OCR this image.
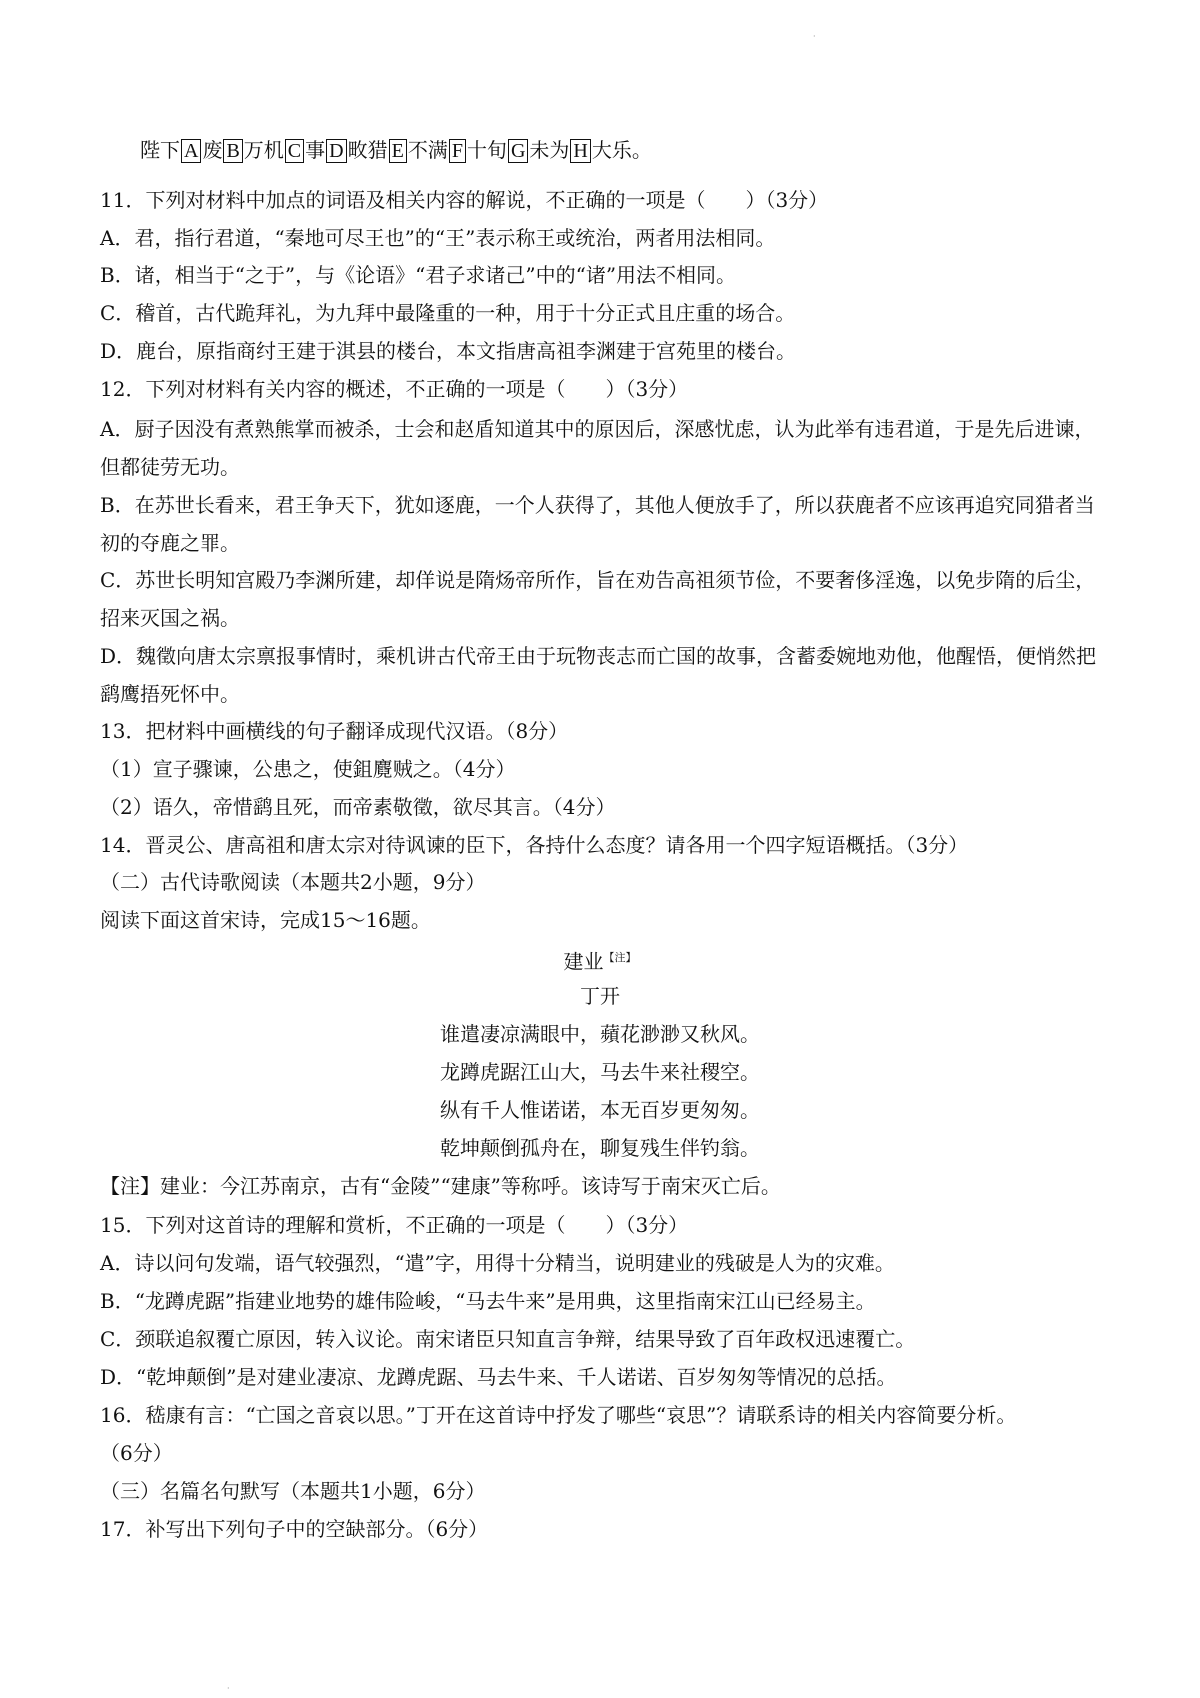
陛下 A 废 B 万机 C 事 D 畋猎 E 不满 F 十旬 G 未为 H 大乐。
11．下列对材料中加点的词语及相关内容的解说，不正确的一项是（　　）（3分）
A．君，指行君道，“秦地可尽王也”的“王”表示称王或统治，两者用法相同。
B．诸，相当于“之于”，与《论语》“君子求诸己”中的“诸”用法不相同。
C．稽首，古代跪拜礼，为九拜中最隆重的一种，用于十分正式且庄重的场合。
D．鹿台，原指商纣王建于淇县的楼台，本文指唐高祖李渊建于宫苑里的楼台。
12．下列对材料有关内容的概述，不正确的一项是（　　）（3分）
A．厨子因没有煮熟熊掌而被杀，士会和赵盾知道其中的原因后，深感忧虑，认为此举有违君道，于是先后进谏，但都徒劳无功。
B．在苏世长看来，君王争天下，犹如逐鹿，一个人获得了，其他人便放手了，所以获鹿者不应该再追究同猎者当初的夺鹿之罪。
C．苏世长明知宫殿乃李渊所建，却佯说是隋炀帝所作，旨在劝告高祖须节俭，不要奢侈淫逸，以免步隋的后尘，招来灭国之祸。
D．魏徵向唐太宗禀报事情时，乘机讲古代帝王由于玩物丧志而亡国的故事，含蓄委婉地劝他，他醒悟，便悄然把鹞鹰捂死怀中。
13．把材料中画横线的句子翻译成现代汉语。（8分）
（1）宣子骤谏，公患之，使鉏麑贼之。（4分）
（2）语久，帝惜鹞且死，而帝素敬徵，欲尽其言。（4分）
14．晋灵公、唐高祖和唐太宗对待讽谏的臣下，各持什么态度？请各用一个四字短语概括。（3分）
（二）古代诗歌阅读（本题共2小题，9分）
阅读下面这首宋诗，完成15～16题。
建业$^{【注】}$
丁开
谁遣凄凉满眼中，蘋花渺渺又秋风。
龙蹲虎踞江山大，马去牛来社稷空。
纵有千人惟诺诺，本无百岁更匆匆。
乾坤颠倒孤舟在，聊复残生伴钓翁。
【注】建业：今江苏南京，古有“金陵”“建康”等称呼。该诗写于南宋灭亡后。
15．下列对这首诗的理解和赏析，不正确的一项是（　　）（3分）
A．诗以问句发端，语气较强烈，“遣”字，用得十分精当，说明建业的残破是人为的灾难。
B．“龙蹲虎踞”指建业地势的雄伟险峻，“马去牛来”是用典，这里指南宋江山已经易主。
C．颈联追叙覆亡原因，转入议论。南宋诸臣只知直言争辩，结果导致了百年政权迅速覆亡。
D．“乾坤颠倒”是对建业凄凉、龙蹲虎踞、马去牛来、千人诺诺、百岁匆匆等情况的总括。
16．嵇康有言：“亡国之音哀以思。”丁开在这首诗中抒发了哪些“哀思”？请联系诗的相关内容简要分析。
（6分）
（三）名篇名句默写（本题共1小题，6分）
17．补写出下列句子中的空缺部分。（6分）
·
·
